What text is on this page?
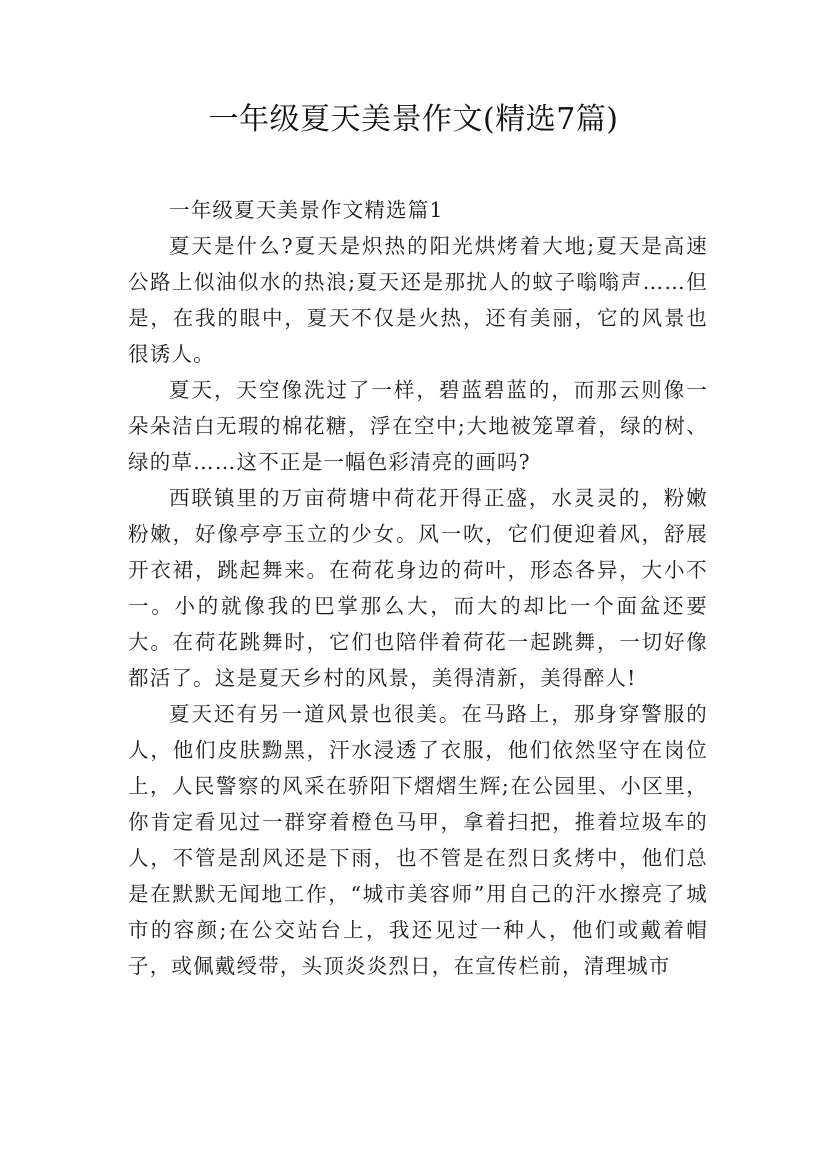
一年级夏天美景作文(精选7篇)

一年级夏天美景作文精选篇1

夏天是什么?夏天是炽热的阳光烘烤着大地;夏天是高速公路上似油似水的热浪;夏天还是那扰人的蚊子嗡嗡声……但是，在我的眼中，夏天不仅是火热，还有美丽，它的风景也很诱人。

夏天，天空像洗过了一样，碧蓝碧蓝的，而那云则像一朵朵洁白无瑕的棉花糖，浮在空中;大地被笼罩着，绿的树、绿的草……这不正是一幅色彩清亮的画吗?

西联镇里的万亩荷塘中荷花开得正盛，水灵灵的，粉嫩粉嫩，好像亭亭玉立的少女。风一吹，它们便迎着风，舒展开衣裙，跳起舞来。在荷花身边的荷叶，形态各异，大小不一。小的就像我的巴掌那么大，而大的却比一个面盆还要大。在荷花跳舞时，它们也陪伴着荷花一起跳舞，一切好像都活了。这是夏天乡村的风景，美得清新，美得醉人!

夏天还有另一道风景也很美。在马路上，那身穿警服的人，他们皮肤黝黑，汗水浸透了衣服，他们依然坚守在岗位上，人民警察的风采在骄阳下熠熠生辉;在公园里、小区里，你肯定看见过一群穿着橙色马甲，拿着扫把，推着垃圾车的人，不管是刮风还是下雨，也不管是在烈日炙烤中，他们总是在默默无闻地工作，“城市美容师”用自己的汗水擦亮了城市的容颜;在公交站台上，我还见过一种人，他们或戴着帽子，或佩戴绶带，头顶炎炎烈日，在宣传栏前，清理城市
